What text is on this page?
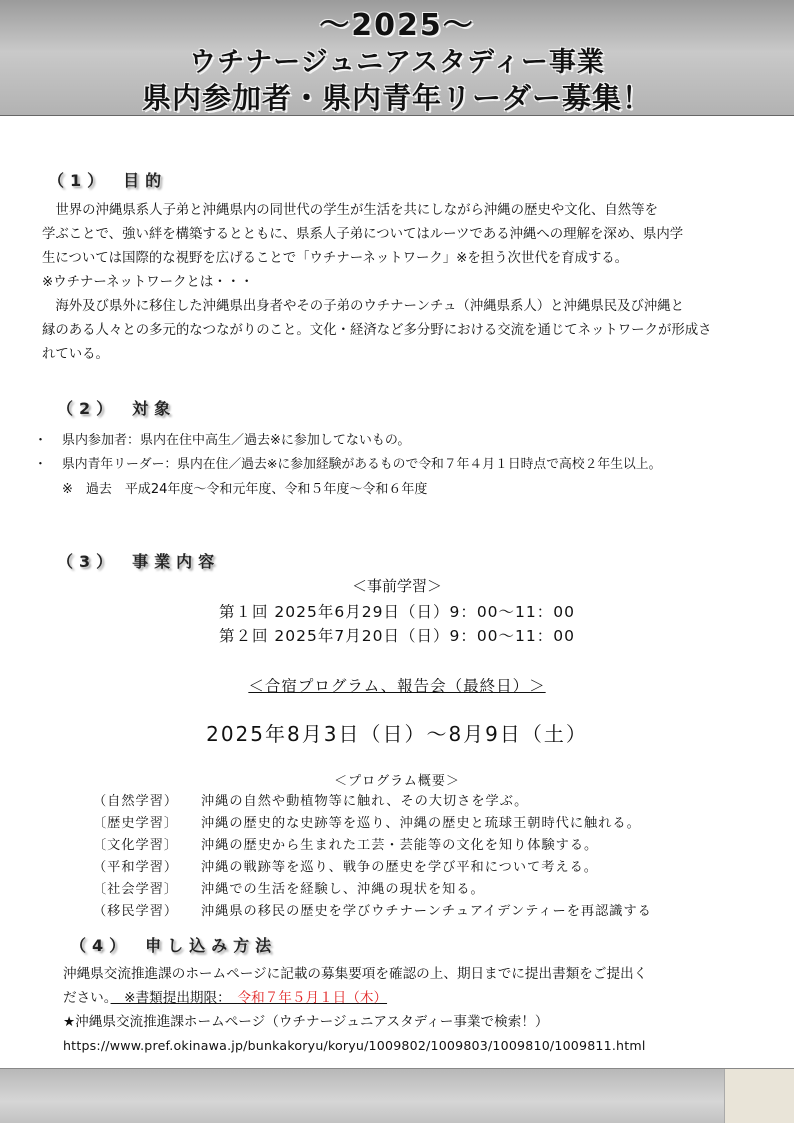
～2025～
ウチナージュニアスタディー事業
県内参加者・県内青年リーダー募集！
（1）　目的
　世界の沖縄県系人子弟と沖縄県内の同世代の学生が生活を共にしながら沖縄の歴史や文化、自然等を
学ぶことで、強い絆を構築するとともに、県系人子弟についてはルーツである沖縄への理解を深め、県内学
生については国際的な視野を広げることで「ウチナーネットワーク」※を担う次世代を育成する。
※ウチナーネットワークとは・・・
　海外及び県外に移住した沖縄県出身者やその子弟のウチナーンチュ（沖縄県系人）と沖縄県民及び沖縄と
縁のある人々との多元的なつながりのこと。文化・経済など多分野における交流を通じてネットワークが形成さ
れている。
（2）　対象
・	県内参加者：県内在住中高生／過去※に参加してないもの。
・	県内青年リーダー：県内在住／過去※に参加経験があるもので令和７年４月１日時点で高校２年生以上。
※　過去　平成24年度～令和元年度、令和５年度～令和６年度
（3）　事業内容
＜事前学習＞
第１回 2025年6月29日（日）9：00～11：00
第２回 2025年7月20日（日）9：00～11：00
＜合宿プログラム、報告会（最終日）＞
2025年8月3日（日）～8月9日（土）
＜プログラム概要＞
（自然学習） 沖縄の自然や動植物等に触れ、その大切さを学ぶ。
〔歴史学習〕 沖縄の歴史的な史跡等を巡り、沖縄の歴史と琉球王朝時代に触れる。
〔文化学習〕 沖縄の歴史から生まれた工芸・芸能等の文化を知り体験する。
（平和学習） 沖縄の戦跡等を巡り、戦争の歴史を学び平和について考える。
〔社会学習〕 沖縄での生活を経験し、沖縄の現状を知る。
（移民学習） 沖縄県の移民の歴史を学びウチナーンチュアイデンティーを再認識する
（4）　申し込み方法
沖縄県交流推進課のホームページに記載の募集要項を確認の上、期日までに提出書類をご提出く
ださい。　※書類提出期限：　令和７年５月１日（木）
★沖縄県交流推進課ホームページ（ウチナージュニアスタディー事業で検索！）
https://www.pref.okinawa.jp/bunkakoryu/koryu/1009802/1009803/1009810/1009811.html
